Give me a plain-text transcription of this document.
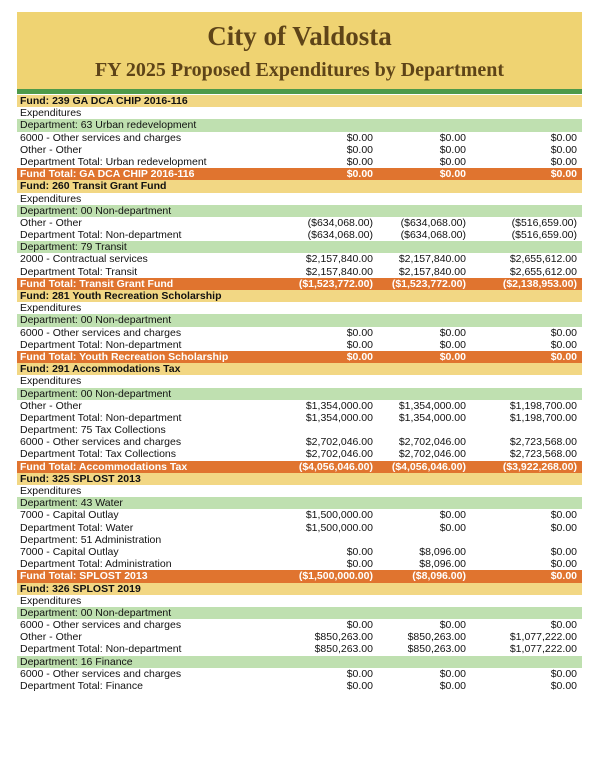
City of Valdosta
FY 2025 Proposed Expenditures by Department
Fund: 239 GA DCA CHIP 2016-116
Expenditures
Department: 63 Urban redevelopment
6000 - Other services and charges	$0.00	$0.00	$0.00
Other - Other	$0.00	$0.00	$0.00
Department Total: Urban redevelopment	$0.00	$0.00	$0.00
Fund Total: GA DCA CHIP 2016-116	$0.00	$0.00	$0.00
Fund: 260 Transit Grant Fund
Expenditures
Department: 00 Non-department
Other - Other	($634,068.00)	($634,068.00)	($516,659.00)
Department Total: Non-department	($634,068.00)	($634,068.00)	($516,659.00)
Department: 79 Transit
2000 - Contractual services	$2,157,840.00	$2,157,840.00	$2,655,612.00
Department Total: Transit	$2,157,840.00	$2,157,840.00	$2,655,612.00
Fund Total: Transit Grant Fund	($1,523,772.00)	($1,523,772.00)	($2,138,953.00)
Fund: 281 Youth Recreation Scholarship
Expenditures
Department: 00 Non-department
6000 - Other services and charges	$0.00	$0.00	$0.00
Department Total: Non-department	$0.00	$0.00	$0.00
Fund Total: Youth Recreation Scholarship	$0.00	$0.00	$0.00
Fund: 291 Accommodations Tax
Expenditures
Department: 00 Non-department
Other - Other	$1,354,000.00	$1,354,000.00	$1,198,700.00
Department Total: Non-department	$1,354,000.00	$1,354,000.00	$1,198,700.00
Department: 75 Tax Collections
6000 - Other services and charges	$2,702,046.00	$2,702,046.00	$2,723,568.00
Department Total: Tax Collections	$2,702,046.00	$2,702,046.00	$2,723,568.00
Fund Total: Accommodations Tax	($4,056,046.00)	($4,056,046.00)	($3,922,268.00)
Fund: 325 SPLOST 2013
Expenditures
Department: 43 Water
7000 - Capital Outlay	$1,500,000.00	$0.00	$0.00
Department Total: Water	$1,500,000.00	$0.00	$0.00
Department: 51 Administration
7000 - Capital Outlay	$0.00	$8,096.00	$0.00
Department Total: Administration	$0.00	$8,096.00	$0.00
Fund Total: SPLOST 2013	($1,500,000.00)	($8,096.00)	$0.00
Fund: 326 SPLOST 2019
Expenditures
Department: 00 Non-department
6000 - Other services and charges	$0.00	$0.00	$0.00
Other - Other	$850,263.00	$850,263.00	$1,077,222.00
Department Total: Non-department	$850,263.00	$850,263.00	$1,077,222.00
Department: 16 Finance
6000 - Other services and charges	$0.00	$0.00	$0.00
Department Total: Finance	$0.00	$0.00	$0.00
